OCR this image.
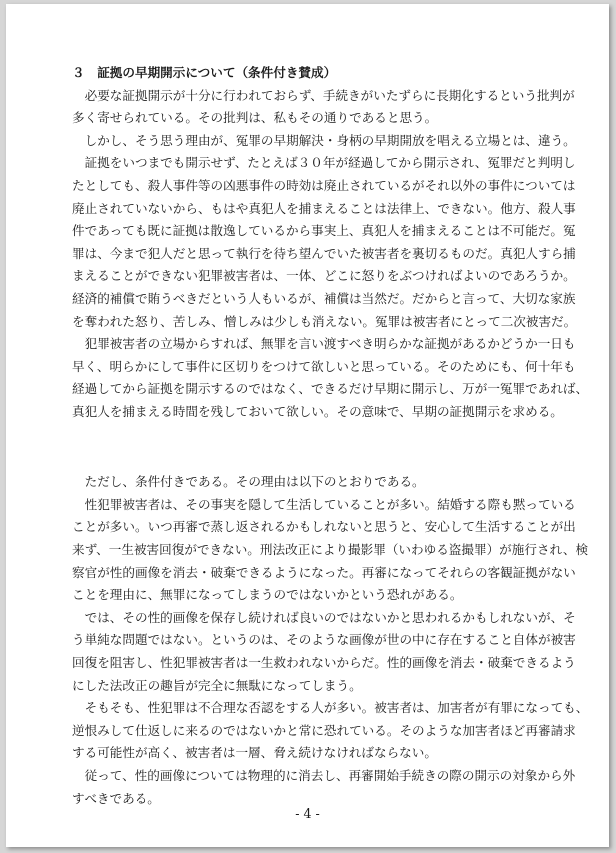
３　証拠の早期開示について（条件付き賛成）

　必要な証拠開示が十分に行われておらず、手続きがいたずらに長期化するという批判が

多く寄せられている。その批判は、私もその通りであると思う。

　しかし、そう思う理由が、冤罪の早期解決・身柄の早期開放を唱える立場とは、違う。

　証拠をいつまでも開示せず、たとえば３０年が経過してから開示され、冤罪だと判明し

たとしても、殺人事件等の凶悪事件の時効は廃止されているがそれ以外の事件については

廃止されていないから、もはや真犯人を捕まえることは法律上、できない。他方、殺人事

件であっても既に証拠は散逸しているから事実上、真犯人を捕まえることは不可能だ。冤

罪は、今まで犯人だと思って執行を待ち望んでいた被害者を裏切るものだ。真犯人すら捕

まえることができない犯罪被害者は、一体、どこに怒りをぶつければよいのであろうか。

経済的補償で賄うべきだという人もいるが、補償は当然だ。だからと言って、大切な家族

を奪われた怒り、苦しみ、憎しみは少しも消えない。冤罪は被害者にとって二次被害だ。

　犯罪被害者の立場からすれば、無罪を言い渡すべき明らかな証拠があるかどうか一日も

早く、明らかにして事件に区切りをつけて欲しいと思っている。そのためにも、何十年も

経過してから証拠を開示するのではなく、できるだけ早期に開示し、万が一冤罪であれば、

真犯人を捕まえる時間を残しておいて欲しい。その意味で、早期の証拠開示を求める。

　ただし、条件付きである。その理由は以下のとおりである。

　性犯罪被害者は、その事実を隠して生活していることが多い。結婚する際も黙っている

ことが多い。いつ再審で蒸し返されるかもしれないと思うと、安心して生活することが出

来ず、一生被害回復ができない。刑法改正により撮影罪（いわゆる盗撮罪）が施行され、検

察官が性的画像を消去・破棄できるようになった。再審になってそれらの客観証拠がない

ことを理由に、無罪になってしまうのではないかという恐れがある。

　では、その性的画像を保存し続ければ良いのではないかと思われるかもしれないが、そ

う単純な問題ではない。というのは、そのような画像が世の中に存在すること自体が被害

回復を阻害し、性犯罪被害者は一生救われないからだ。性的画像を消去・破棄できるよう

にした法改正の趣旨が完全に無駄になってしまう。

　そもそも、性犯罪は不合理な否認をする人が多い。被害者は、加害者が有罪になっても、

逆恨みして仕返しに来るのではないかと常に恐れている。そのような加害者ほど再審請求

する可能性が高く、被害者は一層、脅え続けなければならない。

　従って、性的画像については物理的に消去し、再審開始手続きの際の開示の対象から外

すべきである。

- 4 -
